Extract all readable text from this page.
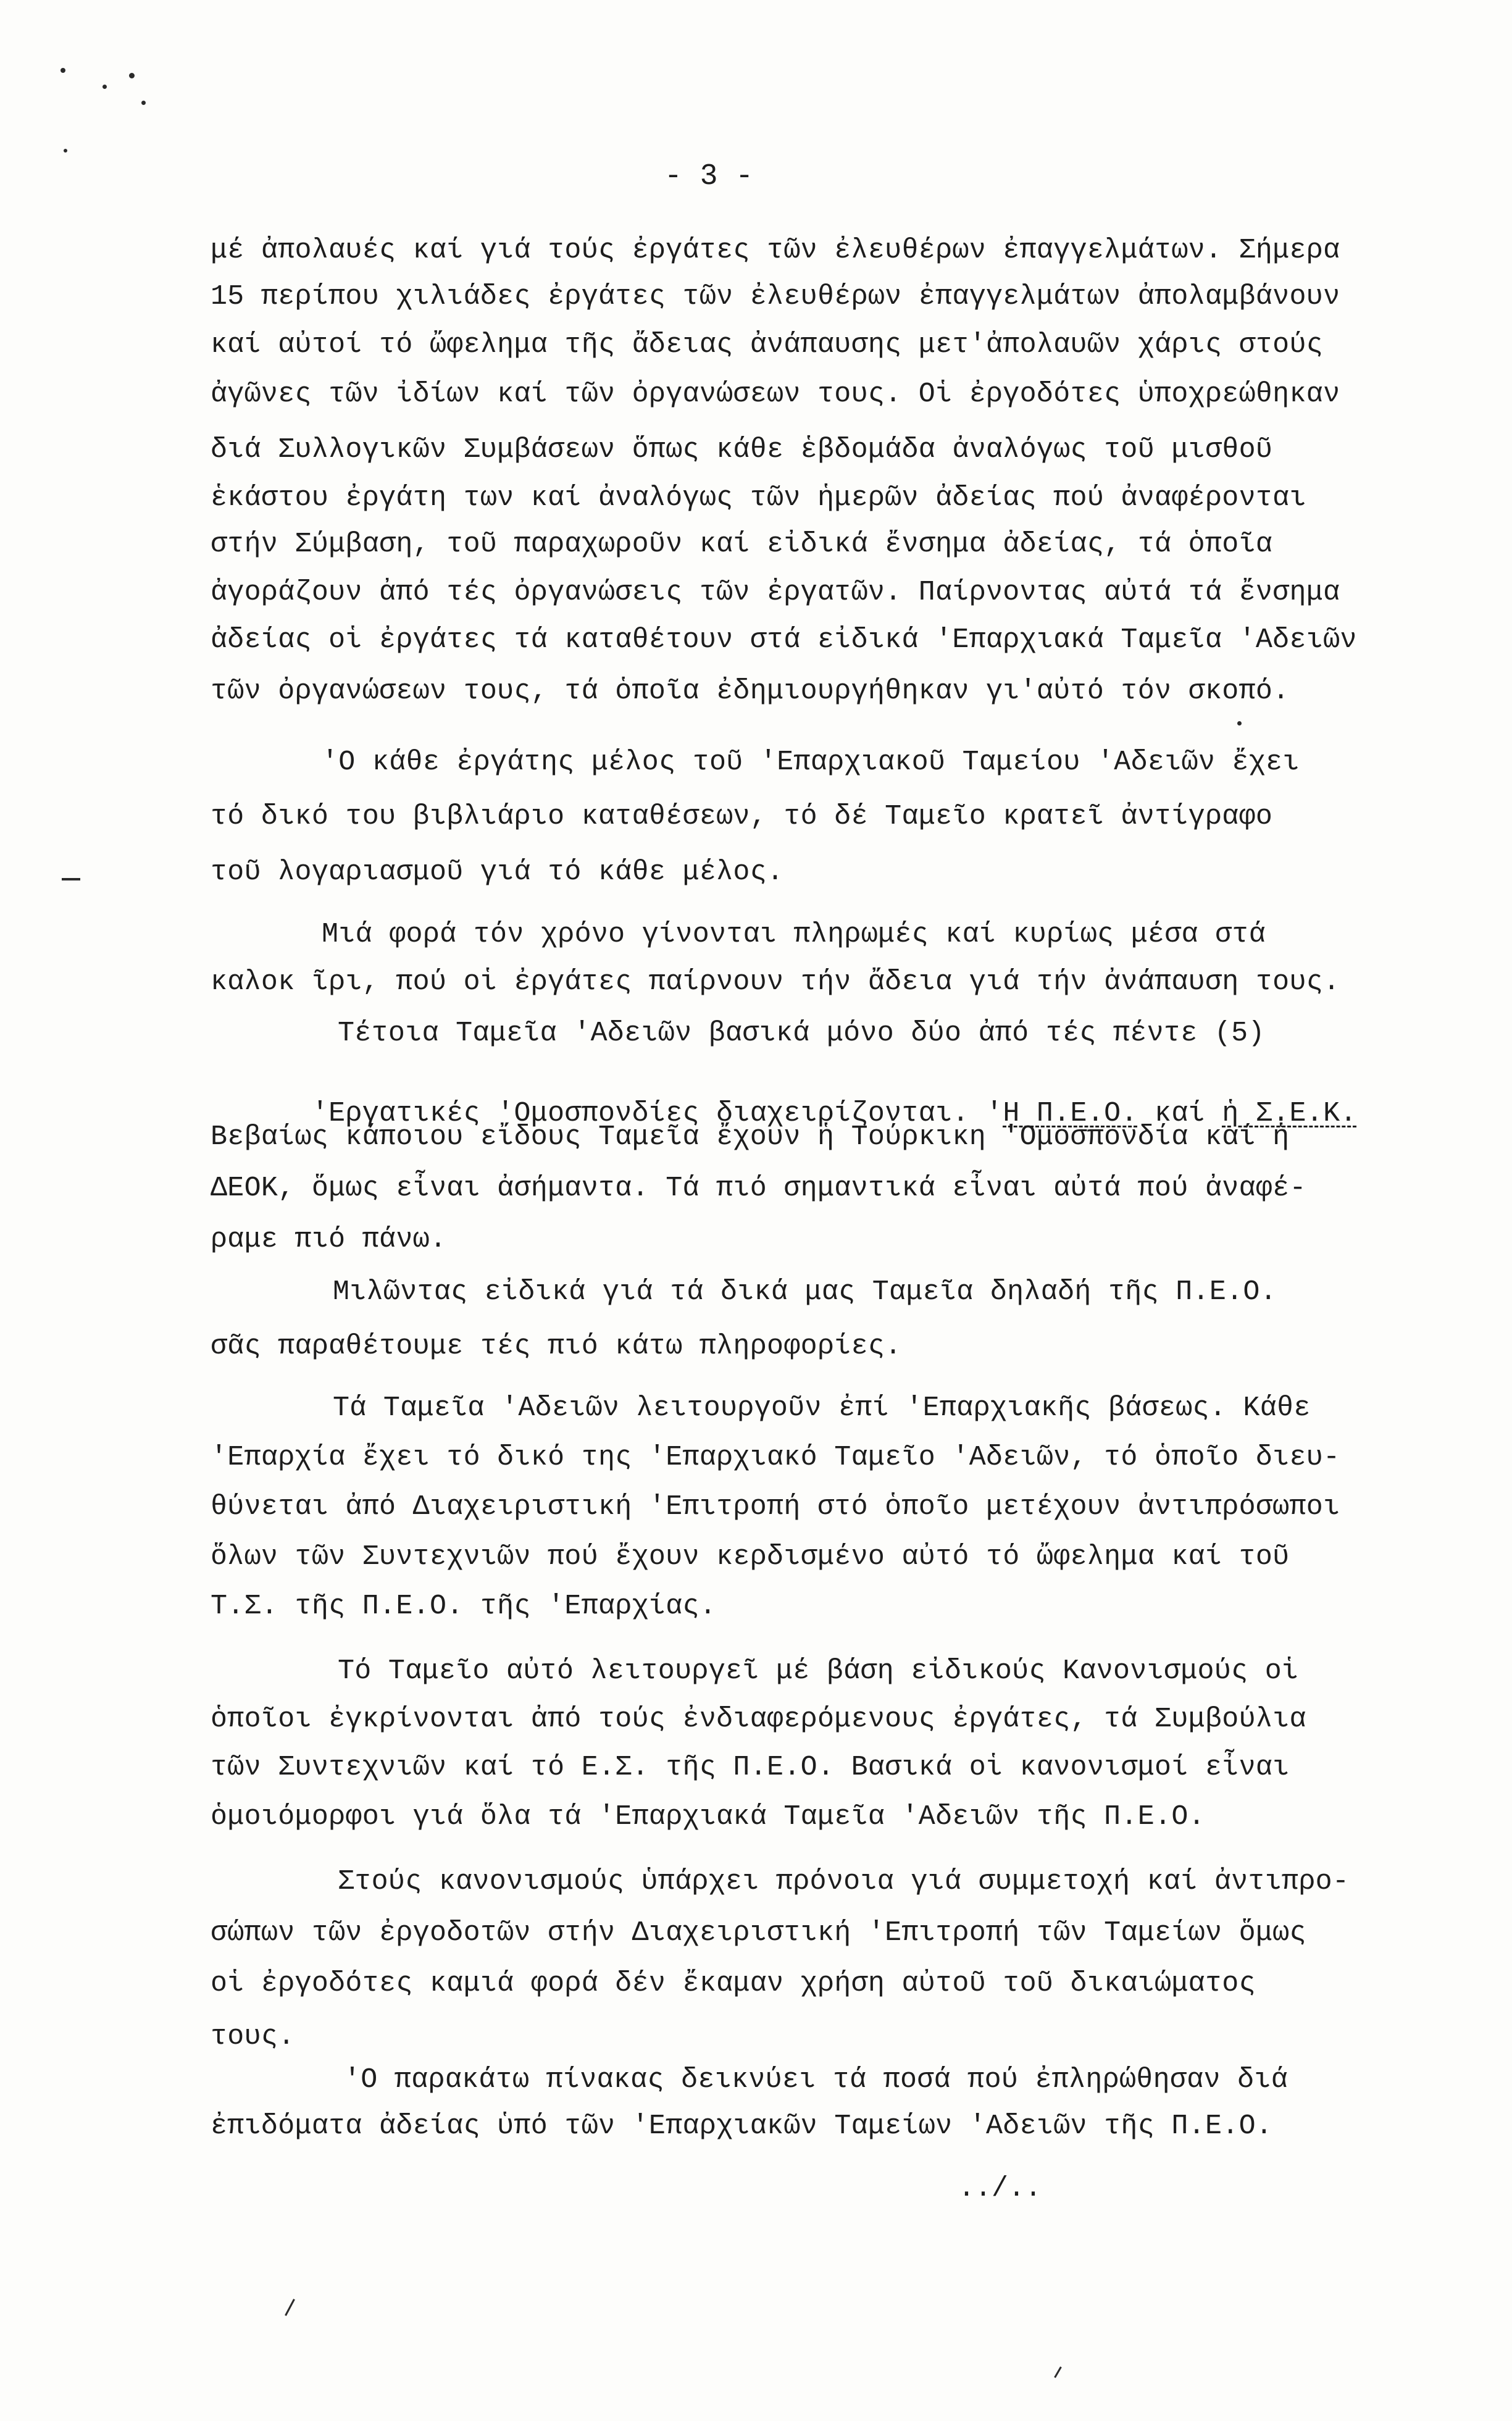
- 3 -
μέ ἀπολαυές καί γιά τούς ἐργάτες τῶν ἐλευθέρων ἐπαγγελμάτων. Σήμερα
15 περίπου χιλιάδες ἐργάτες τῶν ἐλευθέρων ἐπαγγελμάτων ἀπολαμβάνουν
καί αὐτοί τό ὤφελημα τῆς ἄδειας ἀνάπαυσης μετ'ἀπολαυῶν χάρις στούς
ἀγῶνες τῶν ἰδίων καί τῶν ὀργανώσεων τους. Οἱ ἐργοδότες ὑποχρεώθηκαν
διά Συλλογικῶν Συμβάσεων ὅπως κάθε ἑβδομάδα ἀναλόγως τοῦ μισθοῦ
ἑκάστου ἐργάτη των καί ἀναλόγως τῶν ἡμερῶν ἀδείας πού ἀναφέρονται
στήν Σύμβαση, τοῦ παραχωροῦν καί εἰδικά ἔνσημα ἀδείας, τά ὁποῖα
ἀγοράζουν ἀπό τές ὀργανώσεις τῶν ἐργατῶν. Παίρνοντας αὐτά τά ἔνσημα
ἀδείας οἱ ἐργάτες τά καταθέτουν στά εἰδικά 'Επαρχιακά Ταμεῖα 'Αδειῶν
τῶν ὀργανώσεων τους, τά ὁποῖα ἐδημιουργήθηκαν γι'αὐτό τόν σκοπό.
'Ο κάθε ἐργάτης μέλος τοῦ 'Επαρχιακοῦ Ταμείου 'Αδειῶν ἔχει
τό δικό του βιβλιάριο καταθέσεων, τό δέ Ταμεῖο κρατεῖ ἀντίγραφο
τοῦ λογαριασμοῦ γιά τό κάθε μέλος.
Μιά φορά τόν χρόνο γίνονται πληρωμές καί κυρίως μέσα στά
καλοκ ῖρι, πού οἱ ἐργάτες παίρνουν τήν ἄδεια γιά τήν ἀνάπαυση τους.
Τέτοια Ταμεῖα 'Αδειῶν βασικά μόνο δύο ἀπό τές πέντε (5)

'Εργατικές 'Ομοσπονδίες διαχειρίζονται. 'Η Π.Ε.Ο. καί ἡ Σ.Ε.Κ.

Βεβαίως κάποιου εἴδους Ταμεῖα ἔχουν ἡ Τούρκικη 'Ομοσπονδία καί ἡ
ΔΕΟΚ, ὅμως εἶναι ἀσήμαντα. Τά πιό σημαντικά εἶναι αὐτά πού ἀναφέ-
ραμε πιό πάνω.
Μιλῶντας εἰδικά γιά τά δικά μας Ταμεῖα δηλαδή τῆς Π.Ε.Ο.
σᾶς παραθέτουμε τές πιό κάτω πληροφορίες.
Τά Ταμεῖα 'Αδειῶν λειτουργοῦν ἐπί 'Επαρχιακῆς βάσεως. Κάθε
'Επαρχία ἔχει τό δικό της 'Επαρχιακό Ταμεῖο 'Αδειῶν, τό ὁποῖο διευ-
θύνεται ἀπό Διαχειριστική 'Επιτροπή στό ὁποῖο μετέχουν ἀντιπρόσωποι
ὅλων τῶν Συντεχνιῶν πού ἔχουν κερδισμένο αὐτό τό ὤφελημα καί τοῦ
Τ.Σ. τῆς Π.Ε.Ο. τῆς 'Επαρχίας.
Τό Ταμεῖο αὐτό λειτουργεῖ μέ βάση εἰδικούς Κανονισμούς οἱ
ὁποῖοι ἐγκρίνονται ἀπό τούς ἐνδιαφερόμενους ἐργάτες, τά Συμβούλια
τῶν Συντεχνιῶν καί τό Ε.Σ. τῆς Π.Ε.Ο. Βασικά οἱ κανονισμοί εἶναι
ὁμοιόμορφοι γιά ὅλα τά 'Επαρχιακά Ταμεῖα 'Αδειῶν τῆς Π.Ε.Ο.
Στούς κανονισμούς ὑπάρχει πρόνοια γιά συμμετοχή καί ἀντιπρο-
σώπων τῶν ἐργοδοτῶν στήν Διαχειριστική 'Επιτροπή τῶν Ταμείων ὅμως
οἱ ἐργοδότες καμιά φορά δέν ἔκαμαν χρήση αὐτοῦ τοῦ δικαιώματος
τους.
'Ο παρακάτω πίνακας δεικνύει τά ποσά πού ἐπληρώθησαν διά
ἐπιδόματα ἀδείας ὑπό τῶν 'Επαρχιακῶν Ταμείων 'Αδειῶν τῆς Π.Ε.Ο.
../..
